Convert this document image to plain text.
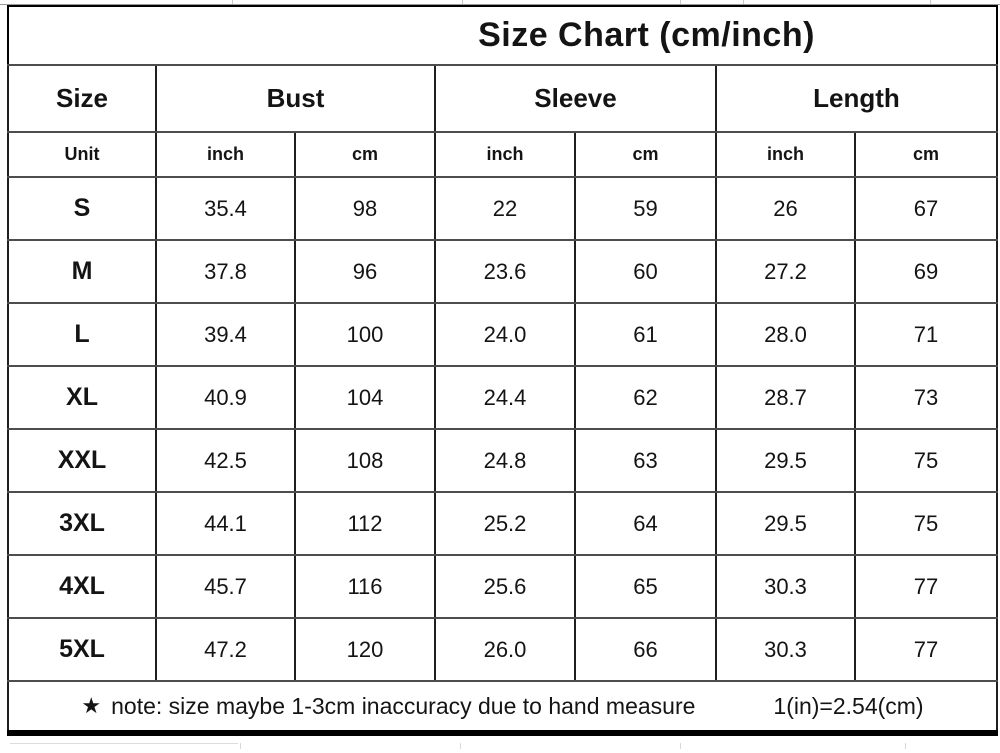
Size Chart (cm/inch)						
Size	Bust		Sleeve		Length	
Unit	inch	cm	inch	cm	inch	cm
S	35.4	98	22	59	26	67
M	37.8	96	23.6	60	27.2	69
L	39.4	100	24.0	61	28.0	71
XL	40.9	104	24.4	62	28.7	73
XXL	42.5	108	24.8	63	29.5	75
3XL	44.1	112	25.2	64	29.5	75
4XL	45.7	116	25.6	65	30.3	77
5XL	47.2	120	26.0	66	30.3	77

★ note: size maybe 1-3cm inaccuracy due to hand measure 1(in)=2.54(cm)						
